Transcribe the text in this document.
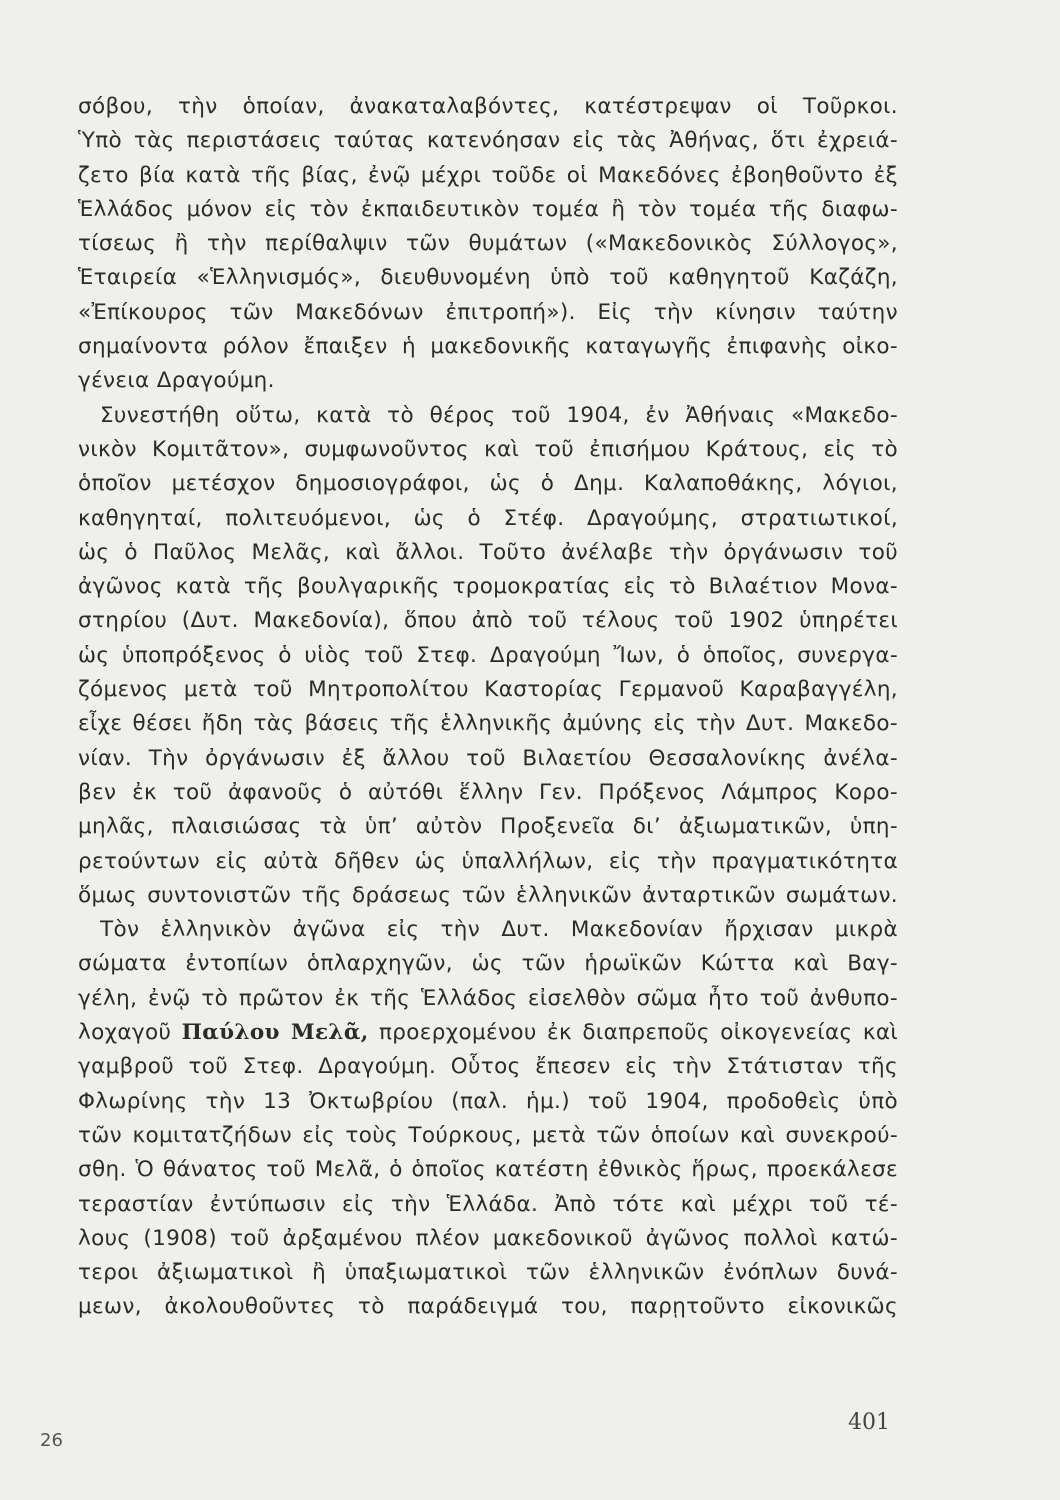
σόβου, τὴν ὁποίαν, ἀνακαταλαβόντες, κατέστρεψαν οἱ Τοῦρκοι.
Ὑπὸ τὰς περιστάσεις ταύτας κατενόησαν εἰς τὰς Ἀθήνας, ὅτι ἐχρειά-
ζετο βία κατὰ τῆς βίας, ἐνῷ μέχρι τοῦδε οἱ Μακεδόνες ἐβοηθοῦντο ἐξ
Ἑλλάδος μόνον εἰς τὸν ἐκπαιδευτικὸν τομέα ἢ τὸν τομέα τῆς διαφω-
τίσεως ἢ τὴν περίθαλψιν τῶν θυμάτων («Μακεδονικὸς Σύλλογος»,
Ἑταιρεία «Ἑλληνισμός», διευθυνομένη ὑπὸ τοῦ καθηγητοῦ Καζάζη,
«Ἐπίκουρος τῶν Μακεδόνων ἐπιτροπή»). Εἰς τὴν κίνησιν ταύτην
σημαίνοντα ρόλον ἔπαιξεν ἡ μακεδονικῆς καταγωγῆς ἐπιφανὴς οἰκο-
γένεια Δραγούμη.
Συνεστήθη οὕτω, κατὰ τὸ θέρος τοῦ 1904, ἐν Ἀθήναις «Μακεδο-
νικὸν Κομιτᾶτον», συμφωνοῦντος καὶ τοῦ ἐπισήμου Κράτους, εἰς τὸ
ὁποῖον μετέσχον δημοσιογράφοι, ὡς ὁ Δημ. Καλαποθάκης, λόγιοι,
καθηγηταί, πολιτευόμενοι, ὡς ὁ Στέφ. Δραγούμης, στρατιωτικοί,
ὡς ὁ Παῦλος Μελᾶς, καὶ ἄλλοι. Τοῦτο ἀνέλαβε τὴν ὀργάνωσιν τοῦ
ἀγῶνος κατὰ τῆς βουλγαρικῆς τρομοκρατίας εἰς τὸ Βιλαέτιον Μονα-
στηρίου (Δυτ. Μακεδονία), ὅπου ἀπὸ τοῦ τέλους τοῦ 1902 ὑπηρέτει
ὡς ὑποπρόξενος ὁ υἱὸς τοῦ Στεφ. Δραγούμη Ἴων, ὁ ὁποῖος, συνεργα-
ζόμενος μετὰ τοῦ Μητροπολίτου Καστορίας Γερμανοῦ Καραβαγγέλη,
εἶχε θέσει ἤδη τὰς βάσεις τῆς ἑλληνικῆς ἀμύνης εἰς τὴν Δυτ. Μακεδο-
νίαν. Τὴν ὀργάνωσιν ἐξ ἄλλου τοῦ Βιλαετίου Θεσσαλονίκης ἀνέλα-
βεν ἐκ τοῦ ἀφανοῦς ὁ αὐτόθι ἕλλην Γεν. Πρόξενος Λάμπρος Κορο-
μηλᾶς, πλαισιώσας τὰ ὑπ’ αὐτὸν Προξενεῖα δι’ ἀξιωματικῶν, ὑπη-
ρετούντων εἰς αὐτὰ δῆθεν ὡς ὑπαλλήλων, εἰς τὴν πραγματικότητα
ὅμως συντονιστῶν τῆς δράσεως τῶν ἑλληνικῶν ἀνταρτικῶν σωμάτων.
Τὸν ἑλληνικὸν ἀγῶνα εἰς τὴν Δυτ. Μακεδονίαν ἤρχισαν μικρὰ
σώματα ἐντοπίων ὁπλαρχηγῶν, ὡς τῶν ἡρωϊκῶν Κώττα καὶ Βαγ-
γέλη, ἐνῷ τὸ πρῶτον ἐκ τῆς Ἑλλάδος εἰσελθὸν σῶμα ἦτο τοῦ ἀνθυπο-
λοχαγοῦ Παύλου Μελᾶ, προερχομένου ἐκ διαπρεποῦς οἰκογενείας καὶ
γαμβροῦ τοῦ Στεφ. Δραγούμη. Οὗτος ἔπεσεν εἰς τὴν Στάτισταν τῆς
Φλωρίνης τὴν 13 Ὀκτωβρίου (παλ. ἡμ.) τοῦ 1904, προδοθεὶς ὑπὸ
τῶν κομιτατζήδων εἰς τοὺς Τούρκους, μετὰ τῶν ὁποίων καὶ συνεκρού-
σθη. Ὁ θάνατος τοῦ Μελᾶ, ὁ ὁποῖος κατέστη ἐθνικὸς ἥρως, προεκάλεσε
τεραστίαν ἐντύπωσιν εἰς τὴν Ἑλλάδα. Ἀπὸ τότε καὶ μέχρι τοῦ τέ-
λους (1908) τοῦ ἀρξαμένου πλέον μακεδονικοῦ ἀγῶνος πολλοὶ κατώ-
τεροι ἀξιωματικοὶ ἢ ὑπαξιωματικοὶ τῶν ἑλληνικῶν ἐνόπλων δυνά-
μεων, ἀκολουθοῦντες τὸ παράδειγμά του, παρῃτοῦντο εἰκονικῶς
401
26
